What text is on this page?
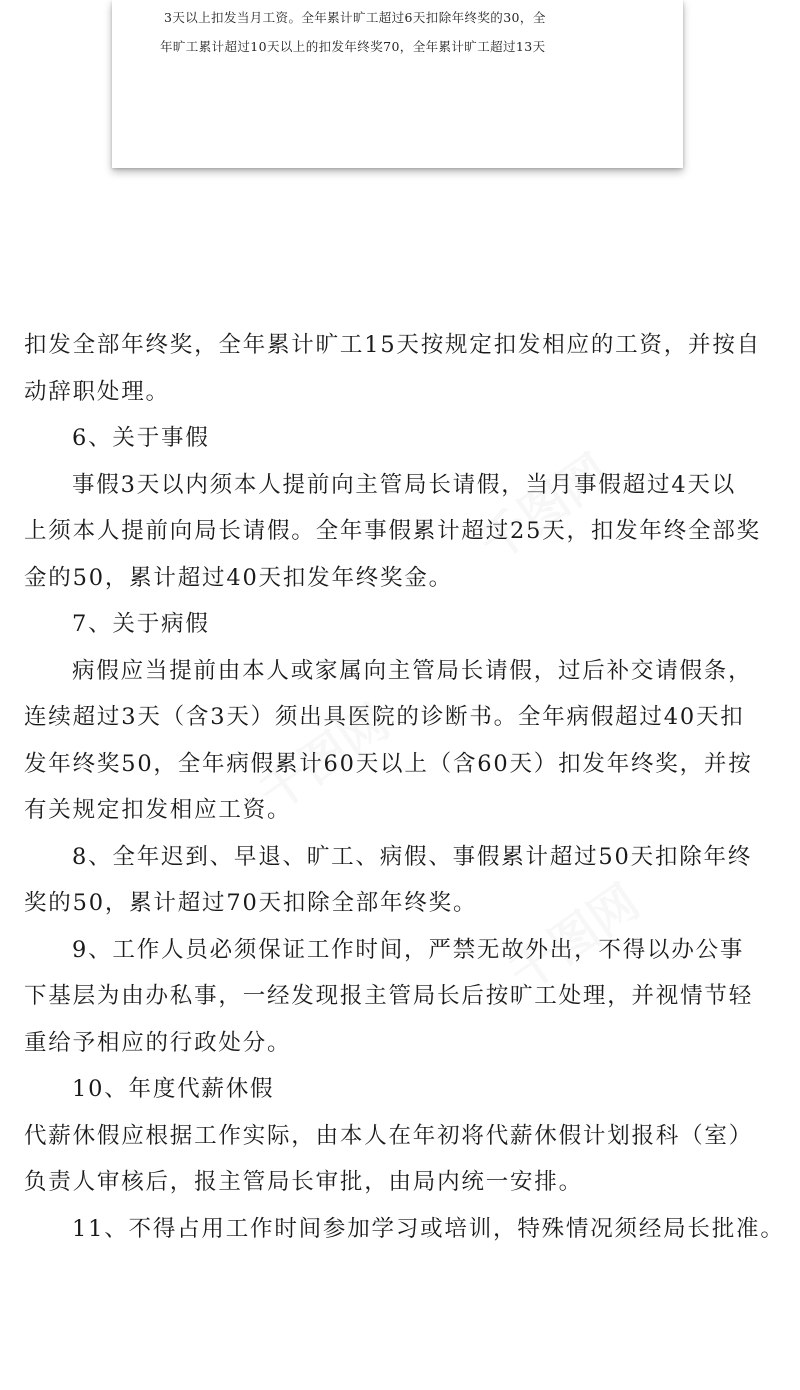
3天以上扣发当月工资。全年累计旷工超过6天扣除年终奖的30，全

年旷工累计超过10天以上的扣发年终奖70，全年累计旷工超过13天

千图网
千图网
千图网
扣发全部年终奖，全年累计旷工15天按规定扣发相应的工资，并按自
动辞职处理。
6、关于事假
事假3天以内须本人提前向主管局长请假，当月事假超过4天以
上须本人提前向局长请假。全年事假累计超过25天，扣发年终全部奖
金的50，累计超过40天扣发年终奖金。
7、关于病假
病假应当提前由本人或家属向主管局长请假，过后补交请假条，
连续超过3天（含3天）须出具医院的诊断书。全年病假超过40天扣
发年终奖50，全年病假累计60天以上（含60天）扣发年终奖，并按
有关规定扣发相应工资。
8、全年迟到、早退、旷工、病假、事假累计超过50天扣除年终
奖的50，累计超过70天扣除全部年终奖。
9、工作人员必须保证工作时间，严禁无故外出，不得以办公事
下基层为由办私事，一经发现报主管局长后按旷工处理，并视情节轻
重给予相应的行政处分。
10、年度代薪休假
代薪休假应根据工作实际，由本人在年初将代薪休假计划报科（室）
负责人审核后，报主管局长审批，由局内统一安排。
11、不得占用工作时间参加学习或培训，特殊情况须经局长批准。
